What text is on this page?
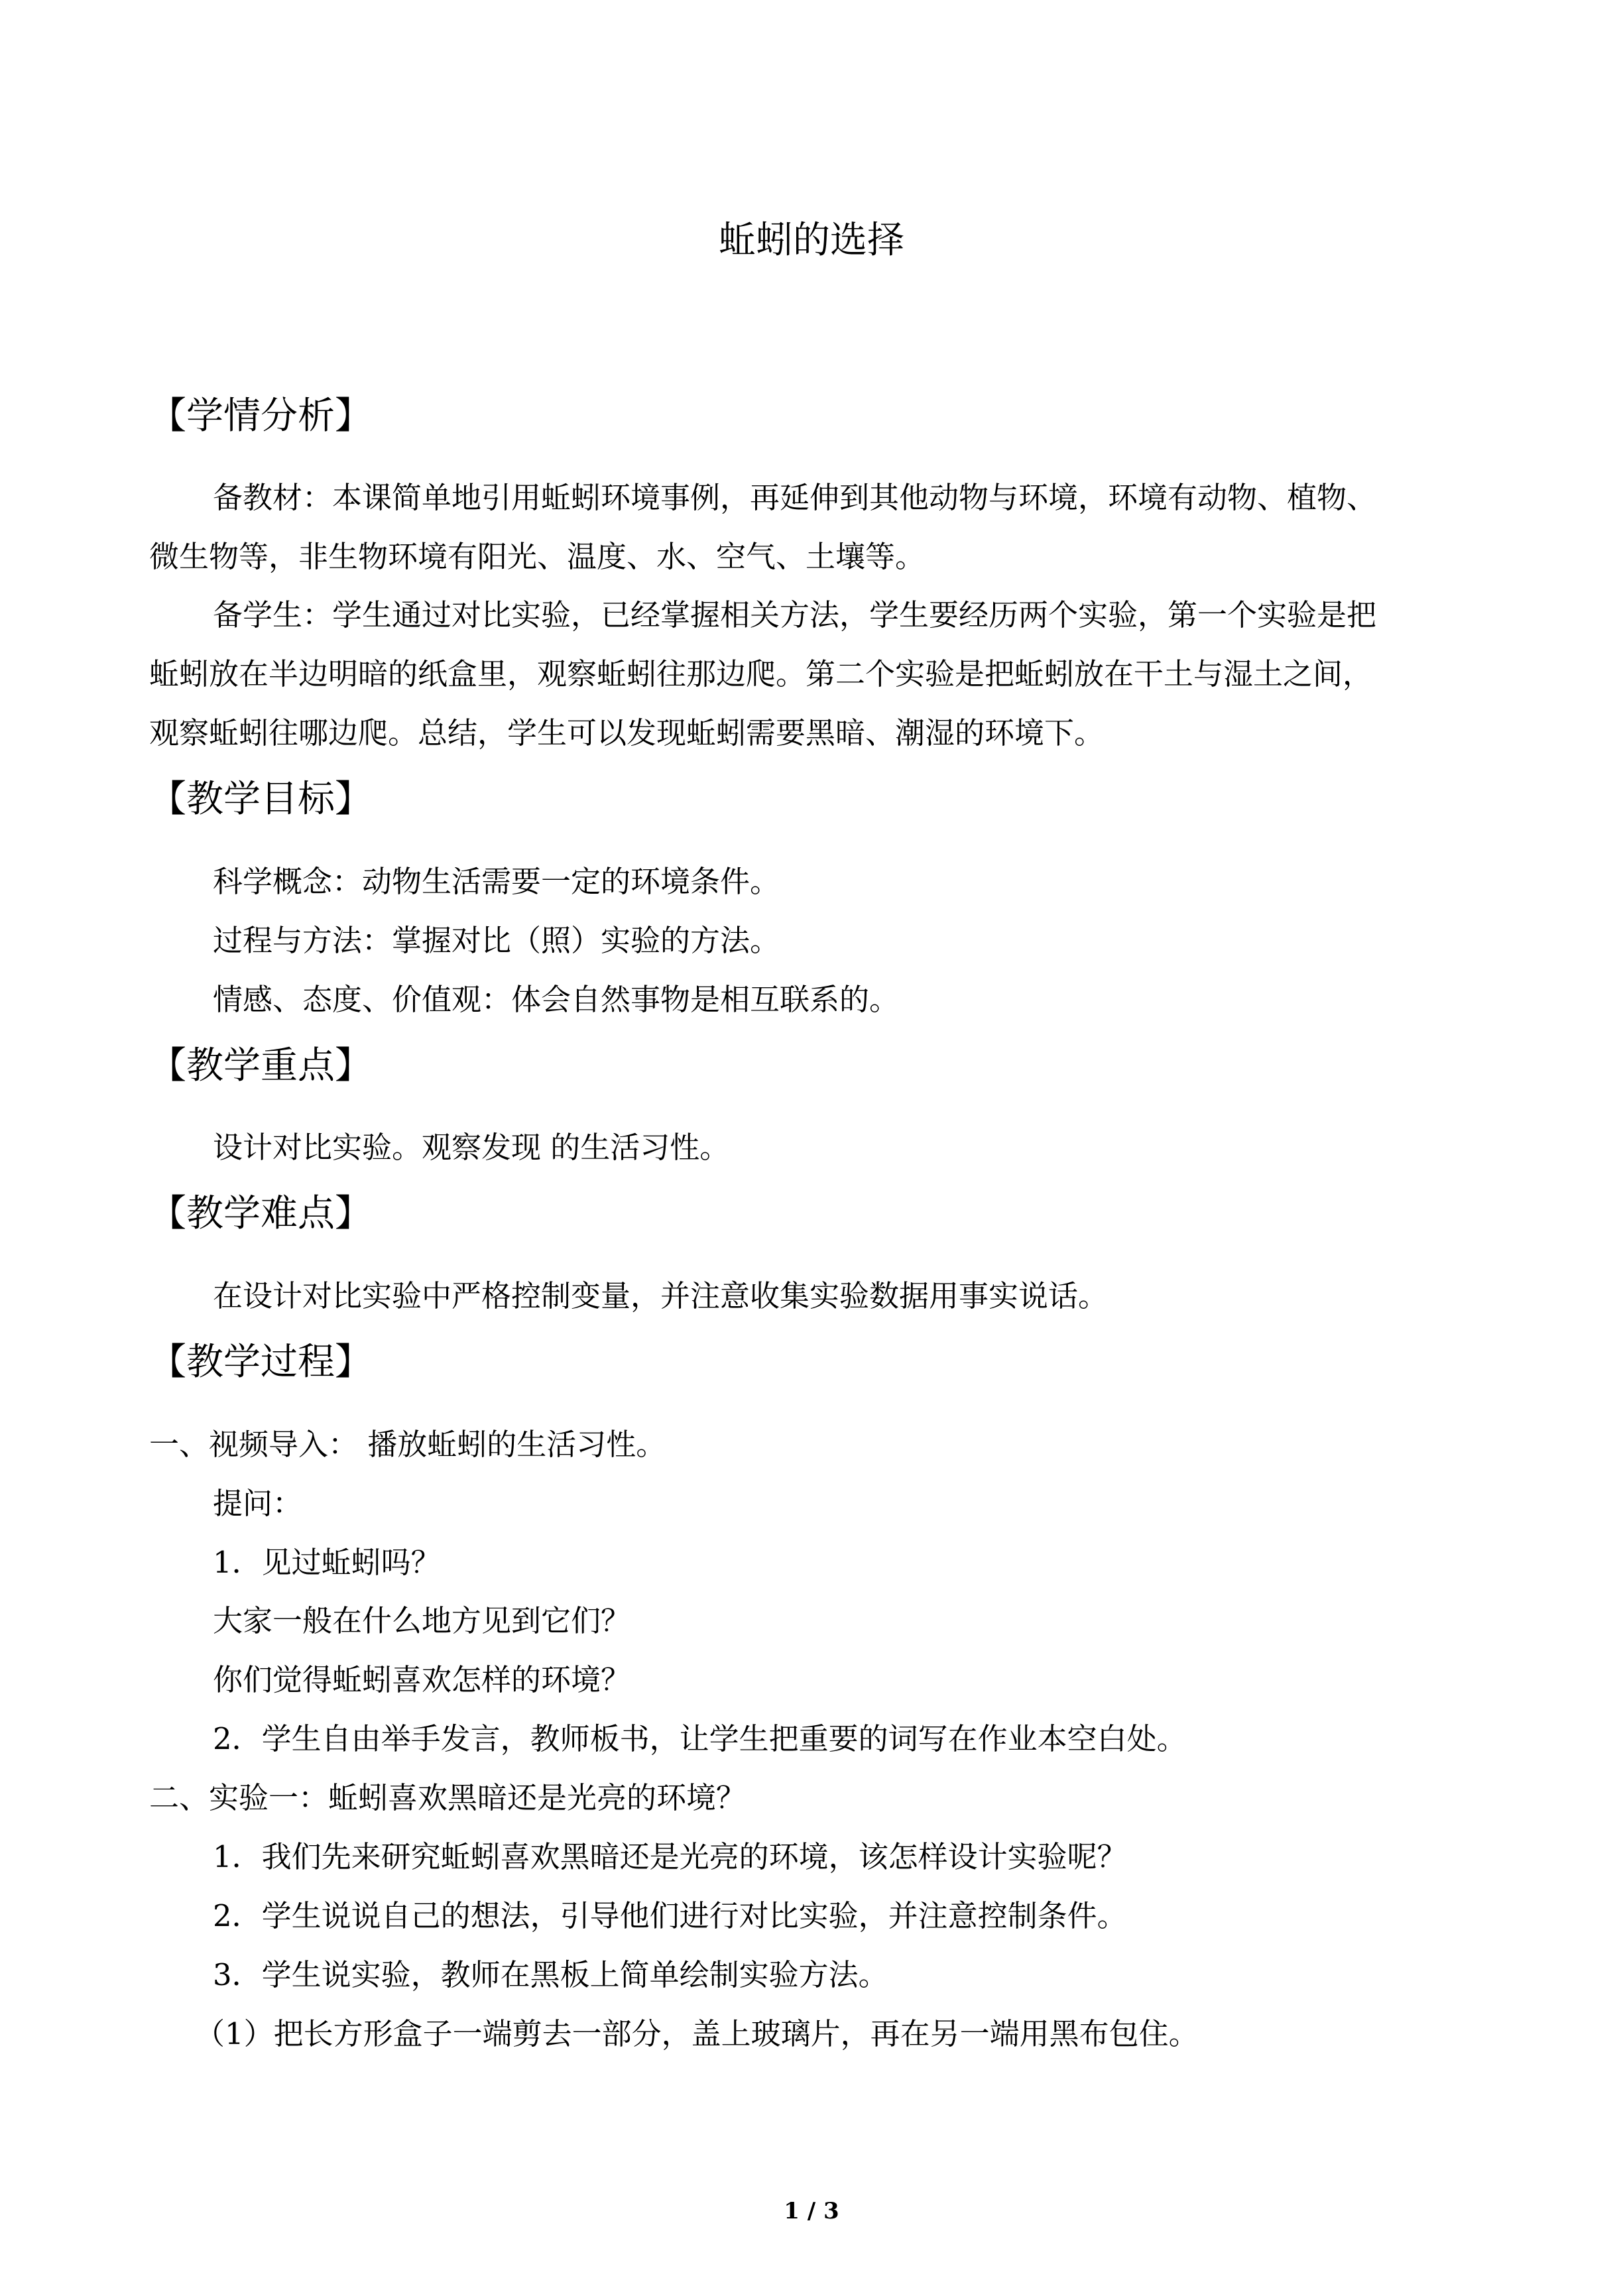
蚯蚓的选择
【学情分析】
备教材：本课简单地引用蚯蚓环境事例，再延伸到其他动物与环境，环境有动物、植物、
微生物等，非生物环境有阳光、温度、水、空气、土壤等。
备学生：学生通过对比实验，已经掌握相关方法，学生要经历两个实验，第一个实验是把
蚯蚓放在半边明暗的纸盒里，观察蚯蚓往那边爬。第二个实验是把蚯蚓放在干土与湿土之间，
观察蚯蚓往哪边爬。总结，学生可以发现蚯蚓需要黑暗、潮湿的环境下。
【教学目标】
科学概念：动物生活需要一定的环境条件。
过程与方法：掌握对比（照）实验的方法。
情感、态度、价值观：体会自然事物是相互联系的。
【教学重点】
设计对比实验。观察发现 的生活习性。
【教学难点】
在设计对比实验中严格控制变量，并注意收集实验数据用事实说话。
【教学过程】
一、视频导入： 播放蚯蚓的生活习性。
提问：
1．见过蚯蚓吗？
大家一般在什么地方见到它们？
你们觉得蚯蚓喜欢怎样的环境？
2．学生自由举手发言，教师板书，让学生把重要的词写在作业本空白处。
二、实验一：蚯蚓喜欢黑暗还是光亮的环境？
1．我们先来研究蚯蚓喜欢黑暗还是光亮的环境，该怎样设计实验呢？
2．学生说说自己的想法，引导他们进行对比实验，并注意控制条件。
3．学生说实验，教师在黑板上简单绘制实验方法。
（1）把长方形盒子一端剪去一部分，盖上玻璃片，再在另一端用黑布包住。
1 / 3
